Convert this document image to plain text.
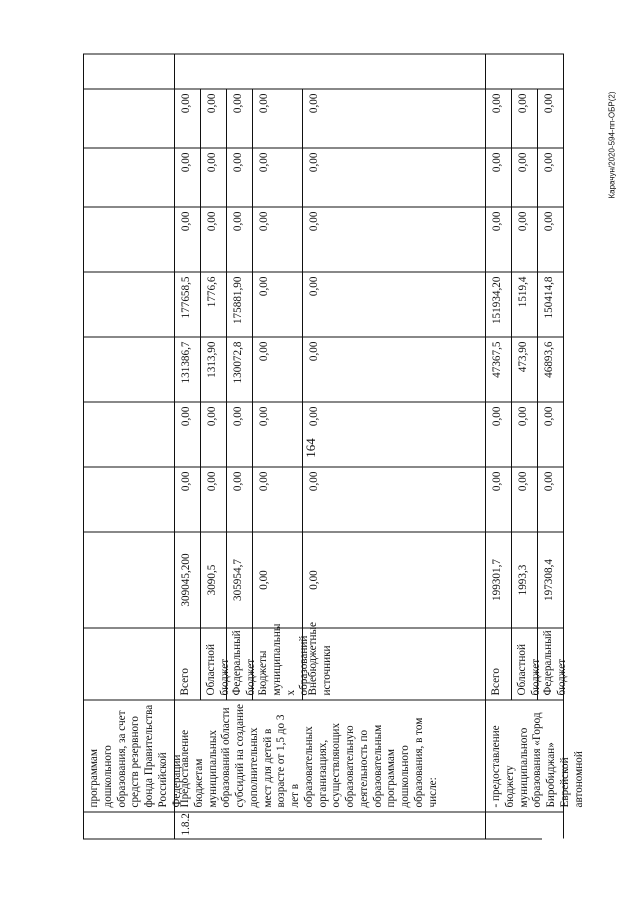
164
Карачун/2020-594-пп-ОБР(2)
программам дошкольного образования, за счет средств резервного фонда Правительства Российской Федерации
1.8.2
Предоставление бюджетам муниципальных образований области субсидий на создание дополнительных мест для детей в возрасте от 1,5 до 3 лет в образовательных организациях, осуществляющих образовательную деятельность по образовательным программам дошкольного образования, в том числе:
Всего
309045,200
0,00
0,00
131386,7
177658,5
0,00
0,00
0,00
Областной бюджет
3090,5
0,00
0,00
1313,90
1776,6
0,00
0,00
0,00
Федеральный бюджет
305954,7
0,00
0,00
130072,8
175881,90
0,00
0,00
0,00
Бюджеты муниципальны х образований
0,00
0,00
0,00
0,00
0,00
0,00
0,00
0,00
Внебюджетные источники
0,00
0,00
0,00
0,00
0,00
0,00
0,00
0,00
- предоставление бюджету муниципального образования «Город Биробиджан» Еврейской автономной
Всего
199301,7
0,00
0,00
47367,5
151934,20
0,00
0,00
0,00
Областной бюджет
1993,3
0,00
0,00
473,90
1519,4
0,00
0,00
0,00
Федеральный бюджет
197308,4
0,00
0,00
46893,6
150414,8
0,00
0,00
0,00
